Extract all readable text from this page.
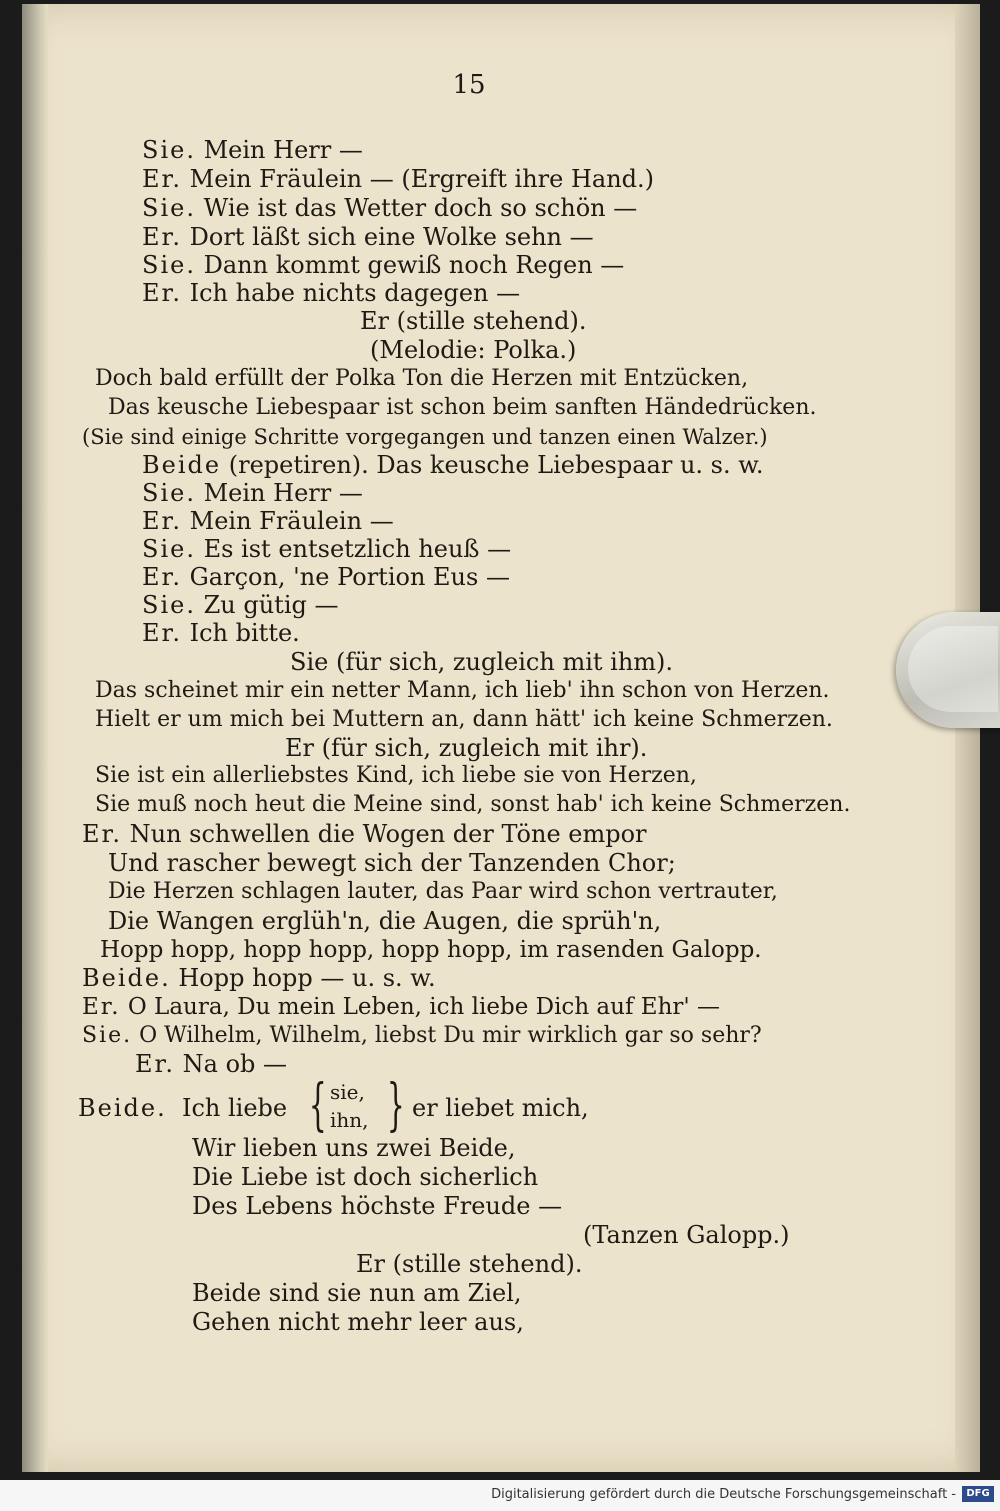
15
Sie. Mein Herr —
Er. Mein Fräulein — (Ergreift ihre Hand.)
Sie. Wie ist das Wetter doch so schön —
Er. Dort läßt sich eine Wolke sehn —
Sie. Dann kommt gewiß noch Regen —
Er. Ich habe nichts dagegen —
Er (stille stehend).
(Melodie: Polka.)
Doch bald erfüllt der Polka Ton die Herzen mit Entzücken,
Das keusche Liebespaar ist schon beim sanften Händedrücken.
(Sie sind einige Schritte vorgegangen und tanzen einen Walzer.)
Beide (repetiren). Das keusche Liebespaar u. s. w.
Sie. Mein Herr —
Er. Mein Fräulein —
Sie. Es ist entsetzlich heuß —
Er. Garçon, 'ne Portion Eus —
Sie. Zu gütig —
Er. Ich bitte.
Sie (für sich, zugleich mit ihm).
Das scheinet mir ein netter Mann, ich lieb' ihn schon von Herzen.
Hielt er um mich bei Muttern an, dann hätt' ich keine Schmerzen.
Er (für sich, zugleich mit ihr).
Sie ist ein allerliebstes Kind, ich liebe sie von Herzen,
Sie muß noch heut die Meine sind, sonst hab' ich keine Schmerzen.
Er. Nun schwellen die Wogen der Töne empor
Und rascher bewegt sich der Tanzenden Chor;
Die Herzen schlagen lauter, das Paar wird schon vertrauter,
Die Wangen erglüh'n, die Augen, die sprüh'n,
Hopp hopp, hopp hopp, hopp hopp, im rasenden Galopp.
Beide. Hopp hopp — u. s. w.
Er. O Laura, Du mein Leben, ich liebe Dich auf Ehr' —
Sie. O Wilhelm, Wilhelm, liebst Du mir wirklich gar so sehr?
Er. Na ob —
Beide. Ich liebe { sie,
ihn, } er liebet mich,
Wir lieben uns zwei Beide,
Die Liebe ist doch sicherlich
Des Lebens höchste Freude —
(Tanzen Galopp.)
Er (stille stehend).
Beide sind sie nun am Ziel,
Gehen nicht mehr leer aus,
Digitalisierung gefördert durch die Deutsche Forschungsgemeinschaft -	DFG
